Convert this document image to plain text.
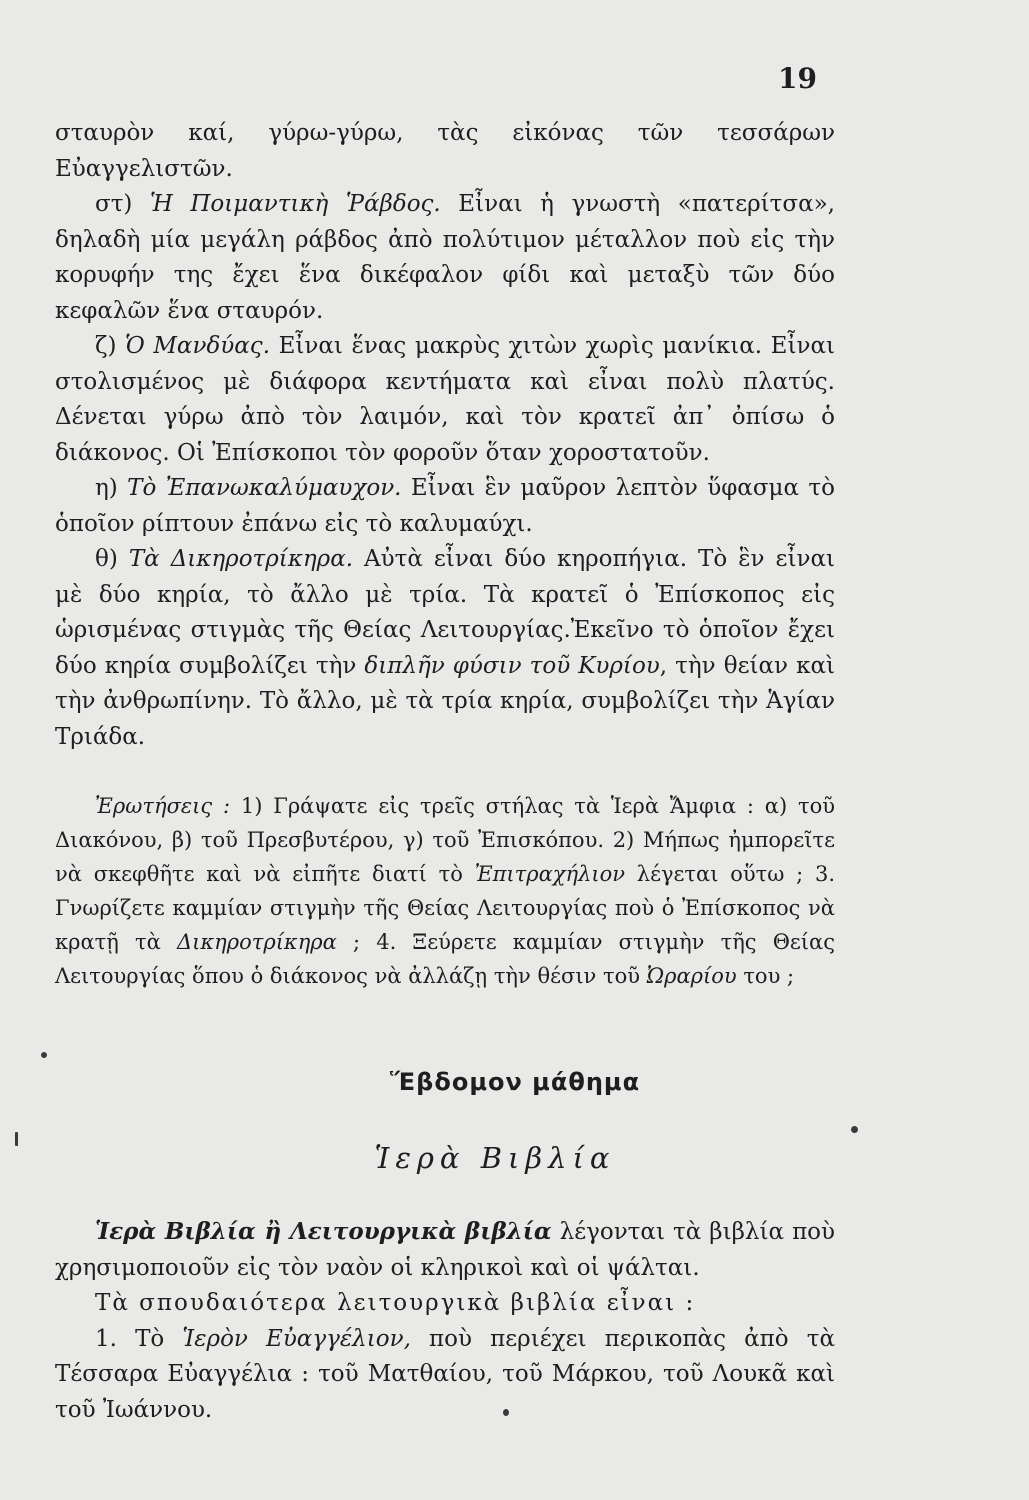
19

σταυρὸν καί, γύρω-γύρω, τὰς εἰκόνας τῶν τεσσάρων Εὐαγγελιστῶν.

στ) Ἡ Ποιμαντικὴ Ῥάβδος. Εἶναι ἡ γνωστὴ «πατερίτσα», δηλαδὴ μία μεγάλη ράβδος ἀπὸ πολύτιμον μέταλλον ποὺ εἰς τὴν κορυφήν της ἔχει ἕνα δικέφαλον φίδι καὶ μεταξὺ τῶν δύο κεφαλῶν ἕνα σταυρόν.

ζ) Ὁ Μανδύας. Εἶναι ἕνας μακρὺς χιτὼν χωρὶς μανίκια. Εἶναι στολισμένος μὲ διάφορα κεντήματα καὶ εἶναι πολὺ πλατύς. Δένεται γύρω ἀπὸ τὸν λαιμόν, καὶ τὸν κρατεῖ ἀπ᾽ ὀπίσω ὁ διάκονος. Οἱ Ἐπίσκοποι τὸν φοροῦν ὅταν χοροστατοῦν.

η) Τὸ Ἐπανωκαλύμαυχον. Εἶναι ἓν μαῦρον λεπτὸν ὕφασμα τὸ ὁποῖον ρίπτουν ἐπάνω εἰς τὸ καλυμαύχι.

θ) Τὰ Δικηροτρίκηρα. Αὐτὰ εἶναι δύο κηροπήγια. Τὸ ἓν εἶναι μὲ δύο κηρία, τὸ ἄλλο μὲ τρία. Τὰ κρατεῖ ὁ Ἐπίσκοπος εἰς ὡρισμένας στιγμὰς τῆς Θείας Λειτουργίας.Ἐκεῖνο τὸ ὁποῖον ἔχει δύο κηρία συμβολίζει τὴν διπλῆν φύσιν τοῦ Κυρίου, τὴν θείαν καὶ τὴν ἀνθρωπίνην. Τὸ ἄλλο, μὲ τὰ τρία κηρία, συμβολίζει τὴν Ἁγίαν Τριάδα.

Ἐρωτήσεις : 1) Γράψατε εἰς τρεῖς στήλας τὰ Ἱερὰ Ἄμφια : α) τοῦ Διακόνου, β) τοῦ Πρεσβυτέρου, γ) τοῦ Ἐπισκόπου. 2) Μήπως ἠμπορεῖτε νὰ σκεφθῆτε καὶ νὰ εἰπῆτε διατί τὸ Ἐπιτραχήλιον λέγεται οὕτω ; 3. Γνωρίζετε καμμίαν στιγμὴν τῆς Θείας Λειτουργίας ποὺ ὁ Ἐπίσκοπος νὰ κρατῇ τὰ Δικηροτρίκηρα ; 4. Ξεύρετε καμμίαν στιγμὴν τῆς Θείας Λειτουργίας ὅπου ὁ διάκονος νὰ ἀλλάζῃ τὴν θέσιν τοῦ Ὠραρίου του ;

Ἕβδομον μάθημα
Ἱερὰ Βιβλία

Ἱερὰ Βιβλία ἢ Λειτουργικὰ βιβλία λέγονται τὰ βιβλία ποὺ χρησιμοποιοῦν εἰς τὸν ναὸν οἱ κληρικοὶ καὶ οἱ ψάλται.

Τὰ σπουδαιότερα λειτουργικὰ βιβλία εἶναι :

1. Τὸ Ἱερὸν Εὐαγγέλιον, ποὺ περιέχει περικοπὰς ἀπὸ τὰ Τέσσαρα Εὐαγγέλια : τοῦ Ματθαίου, τοῦ Μάρκου, τοῦ Λουκᾶ καὶ τοῦ Ἰωάννου.
